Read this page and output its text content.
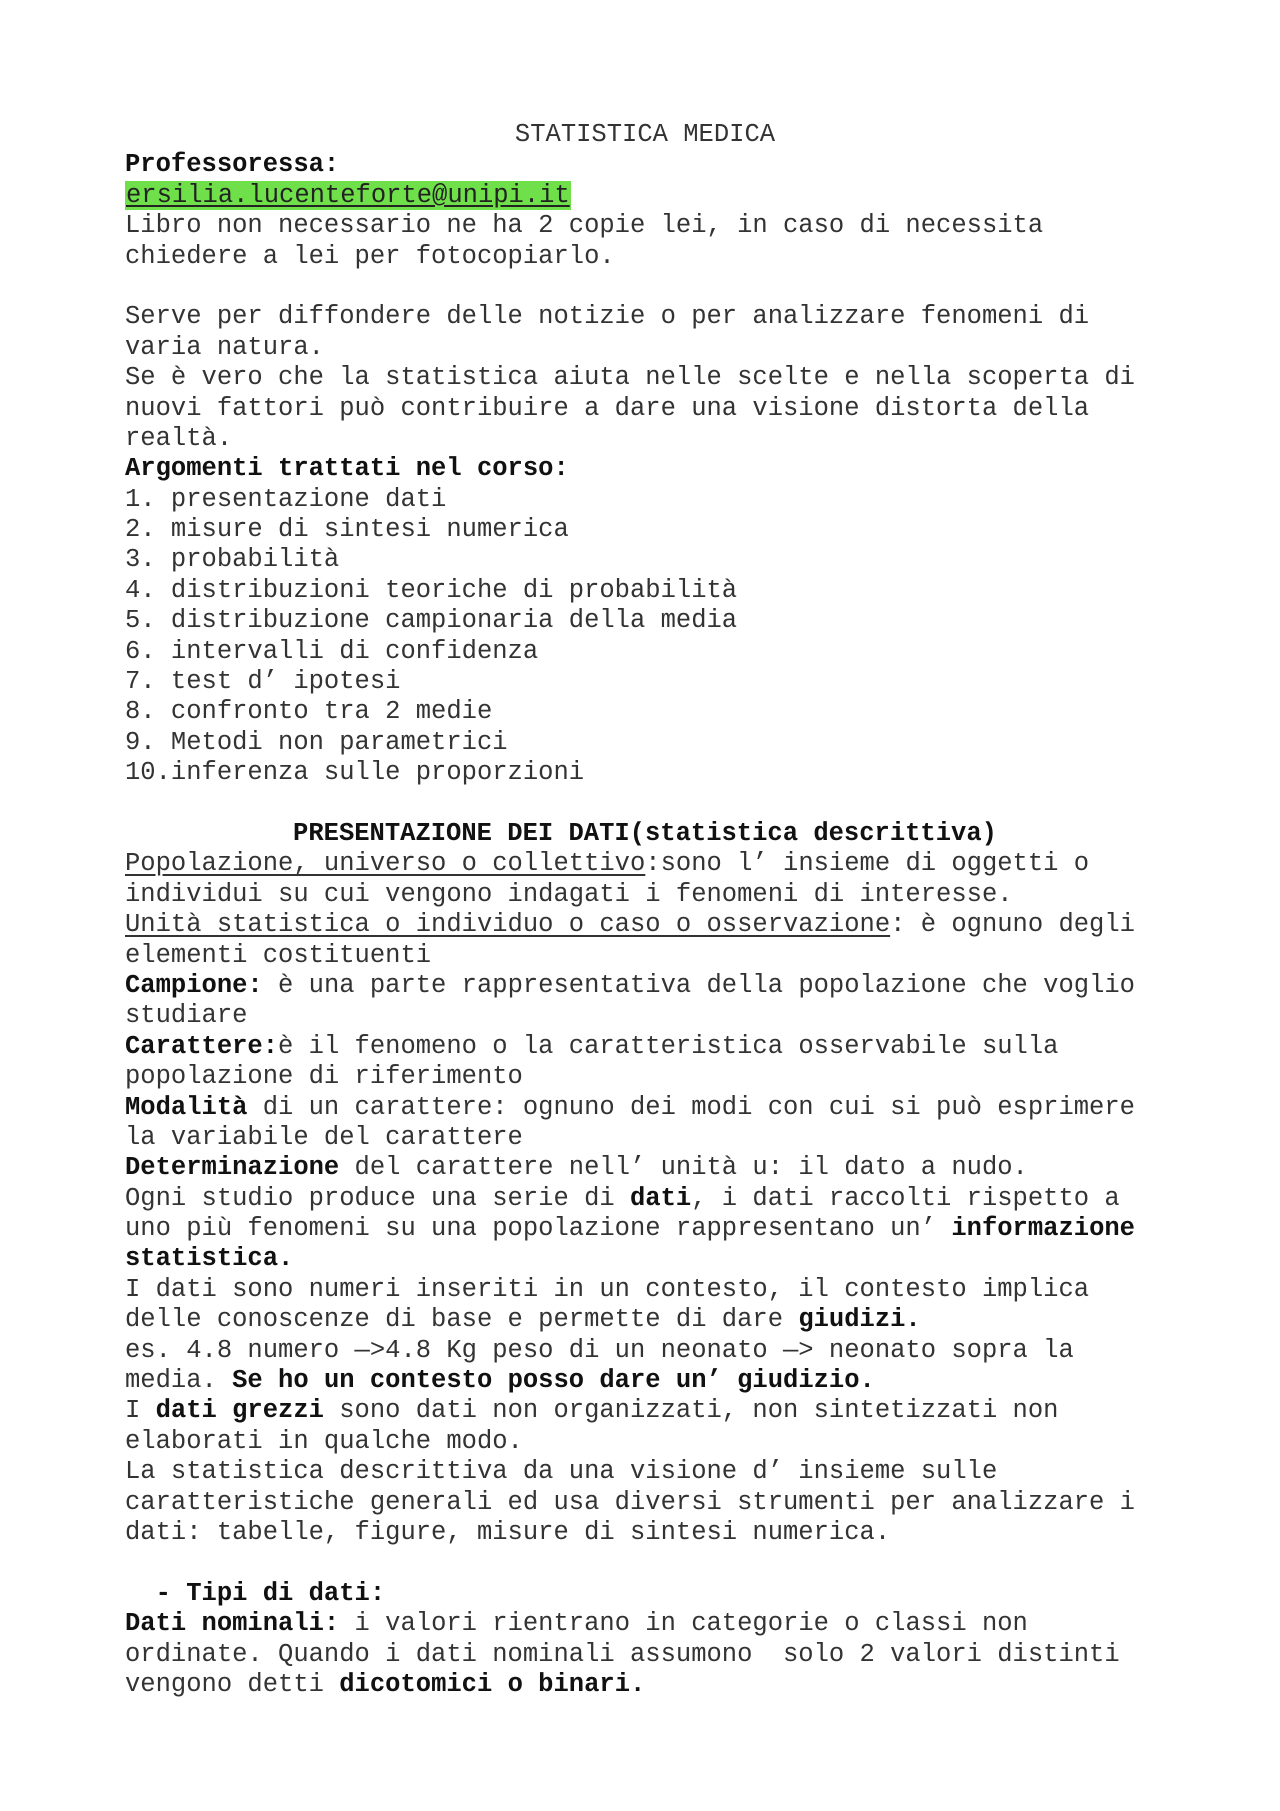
STATISTICA MEDICA
Professoressa:
ersilia.lucenteforte@unipi.it
Libro non necessario ne ha 2 copie lei, in caso di necessita
chiedere a lei per fotocopiarlo.
Serve per diffondere delle notizie o per analizzare fenomeni di
varia natura.
Se è vero che la statistica aiuta nelle scelte e nella scoperta di
nuovi fattori può contribuire a dare una visione distorta della
realtà.
Argomenti trattati nel corso:
1. presentazione dati
2. misure di sintesi numerica
3. probabilità
4. distribuzioni teoriche di probabilità
5. distribuzione campionaria della media
6. intervalli di confidenza
7. test d’ ipotesi
8. confronto tra 2 medie
9. Metodi non parametrici
10.inferenza sulle proporzioni
PRESENTAZIONE DEI DATI(statistica descrittiva)
Popolazione, universo o collettivo:sono l’ insieme di oggetti o
individui su cui vengono indagati i fenomeni di interesse.
Unità statistica o individuo o caso o osservazione: è ognuno degli
elementi costituenti
Campione: è una parte rappresentativa della popolazione che voglio
studiare
Carattere:è il fenomeno o la caratteristica osservabile sulla
popolazione di riferimento
Modalità di un carattere: ognuno dei modi con cui si può esprimere
la variabile del carattere
Determinazione del carattere nell’ unità u: il dato a nudo.
Ogni studio produce una serie di dati, i dati raccolti rispetto a
uno più fenomeni su una popolazione rappresentano un’ informazione
statistica.
I dati sono numeri inseriti in un contesto, il contesto implica
delle conoscenze di base e permette di dare giudizi.
es. 4.8 numero —>4.8 Kg peso di un neonato —> neonato sopra la
media. Se ho un contesto posso dare un’ giudizio.
I dati grezzi sono dati non organizzati, non sintetizzati non
elaborati in qualche modo.
La statistica descrittiva da una visione d’ insieme sulle
caratteristiche generali ed usa diversi strumenti per analizzare i
dati: tabelle, figure, misure di sintesi numerica.
- Tipi di dati:
Dati nominali: i valori rientrano in categorie o classi non
ordinate. Quando i dati nominali assumono  solo 2 valori distinti
vengono detti dicotomici o binari.
